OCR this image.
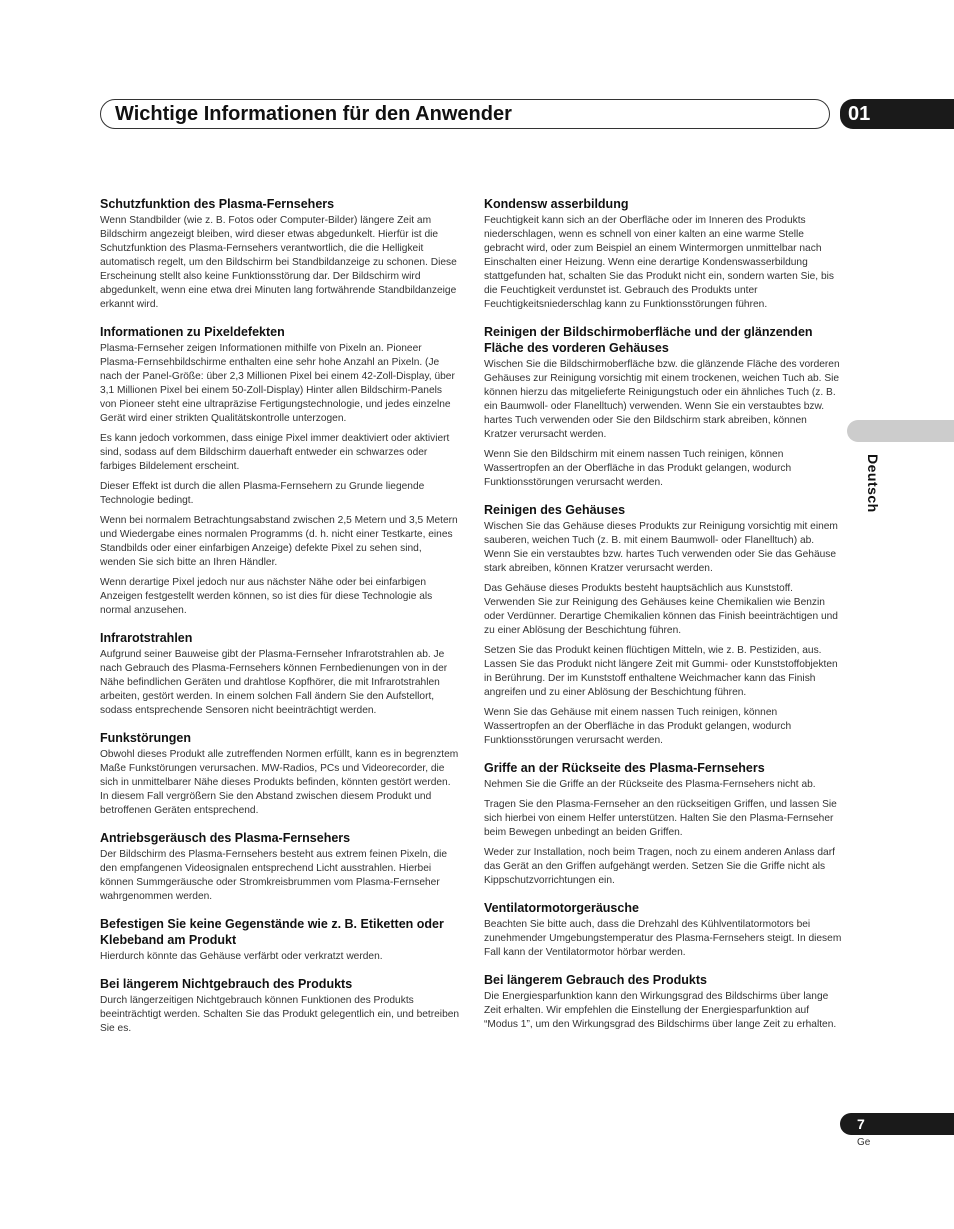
Wichtige Informationen für den Anwender	01
Deutsch
Schutzfunktion des Plasma-Fernsehers

Wenn Standbilder (wie z. B. Fotos oder Computer-Bilder) längere Zeit am Bildschirm angezeigt bleiben, wird dieser etwas abgedunkelt. Hierfür ist die Schutzfunktion des Plasma-Fernsehers verantwortlich, die die Helligkeit automatisch regelt, um den Bildschirm bei Standbildanzeige zu schonen. Diese Erscheinung stellt also keine Funktionsstörung dar. Der Bildschirm wird abgedunkelt, wenn eine etwa drei Minuten lang fortwährende Standbildanzeige erkannt wird.

Informationen zu Pixeldefekten

Plasma-Fernseher zeigen Informationen mithilfe von Pixeln an. Pioneer Plasma-Fernsehbildschirme enthalten eine sehr hohe Anzahl an Pixeln. (Je nach der Panel-Größe: über 2,3 Millionen Pixel bei einem 42-Zoll-Display, über 3,1 Millionen Pixel bei einem 50-Zoll-Display) Hinter allen Bildschirm-Panels von Pioneer steht eine ultrapräzise Fertigungstechnologie, und jedes einzelne Gerät wird einer strikten Qualitätskontrolle unterzogen.

Es kann jedoch vorkommen, dass einige Pixel immer deaktiviert oder aktiviert sind, sodass auf dem Bildschirm dauerhaft entweder ein schwarzes oder farbiges Bildelement erscheint.

Dieser Effekt ist durch die allen Plasma-Fernsehern zu Grunde liegende Technologie bedingt.

Wenn bei normalem Betrachtungsabstand zwischen 2,5 Metern und 3,5 Metern und Wiedergabe eines normalen Programms (d. h. nicht einer Testkarte, eines Standbilds oder einer einfarbigen Anzeige) defekte Pixel zu sehen sind, wenden Sie sich bitte an Ihren Händler.

Wenn derartige Pixel jedoch nur aus nächster Nähe oder bei einfarbigen Anzeigen festgestellt werden können, so ist dies für diese Technologie als normal anzusehen.

Infrarotstrahlen

Aufgrund seiner Bauweise gibt der Plasma-Fernseher Infrarotstrahlen ab. Je nach Gebrauch des Plasma-Fernsehers können Fernbedienungen von in der Nähe befindlichen Geräten und drahtlose Kopfhörer, die mit Infrarotstrahlen arbeiten, gestört werden. In einem solchen Fall ändern Sie den Aufstellort, sodass entsprechende Sensoren nicht beeinträchtigt werden.

Funkstörungen

Obwohl dieses Produkt alle zutreffenden Normen erfüllt, kann es in begrenztem Maße Funkstörungen verursachen. MW-Radios, PCs und Videorecorder, die sich in unmittelbarer Nähe dieses Produkts befinden, könnten gestört werden. In diesem Fall vergrößern Sie den Abstand zwischen diesem Produkt und betroffenen Geräten entsprechend.

Antriebsgeräusch des Plasma-Fernsehers

Der Bildschirm des Plasma-Fernsehers besteht aus extrem feinen Pixeln, die den empfangenen Videosignalen entsprechend Licht ausstrahlen. Hierbei können Summgeräusche oder Stromkreisbrummen vom Plasma-Fernseher wahrgenommen werden.

Befestigen Sie keine Gegenstände wie z. B. Etiketten oder Klebeband am Produkt

Hierdurch könnte das Gehäuse verfärbt oder verkratzt werden.

Bei längerem Nichtgebrauch des Produkts

Durch längerzeitigen Nichtgebrauch können Funktionen des Produkts beeinträchtigt werden. Schalten Sie das Produkt gelegentlich ein, und betreiben Sie es.

Kondensw asserbildung

Feuchtigkeit kann sich an der Oberfläche oder im Inneren des Produkts niederschlagen, wenn es schnell von einer kalten an eine warme Stelle gebracht wird, oder zum Beispiel an einem Wintermorgen unmittelbar nach Einschalten einer Heizung. Wenn eine derartige Kondenswasserbildung stattgefunden hat, schalten Sie das Produkt nicht ein, sondern warten Sie, bis die Feuchtigkeit verdunstet ist. Gebrauch des Produkts unter Feuchtigkeitsniederschlag kann zu Funktionsstörungen führen.

Reinigen der Bildschirmoberfläche und der glänzenden Fläche des vorderen Gehäuses

Wischen Sie die Bildschirmoberfläche bzw. die glänzende Fläche des vorderen Gehäuses zur Reinigung vorsichtig mit einem trockenen, weichen Tuch ab. Sie können hierzu das mitgelieferte Reinigungstuch oder ein ähnliches Tuch (z. B. ein Baumwoll- oder Flanelltuch) verwenden. Wenn Sie ein verstaubtes bzw. hartes Tuch verwenden oder Sie den Bildschirm stark abreiben, können Kratzer verursacht werden.

Wenn Sie den Bildschirm mit einem nassen Tuch reinigen, können Wassertropfen an der Oberfläche in das Produkt gelangen, wodurch Funktionsstörungen verursacht werden.

Reinigen des Gehäuses

Wischen Sie das Gehäuse dieses Produkts zur Reinigung vorsichtig mit einem sauberen, weichen Tuch (z. B. mit einem Baumwoll- oder Flanelltuch) ab. Wenn Sie ein verstaubtes bzw. hartes Tuch verwenden oder Sie das Gehäuse stark abreiben, können Kratzer verursacht werden.

Das Gehäuse dieses Produkts besteht hauptsächlich aus Kunststoff. Verwenden Sie zur Reinigung des Gehäuses keine Chemikalien wie Benzin oder Verdünner. Derartige Chemikalien können das Finish beeinträchtigen und zu einer Ablösung der Beschichtung führen.

Setzen Sie das Produkt keinen flüchtigen Mitteln, wie z. B. Pestiziden, aus. Lassen Sie das Produkt nicht längere Zeit mit Gummi- oder Kunststoffobjekten in Berührung. Der im Kunststoff enthaltene Weichmacher kann das Finish angreifen und zu einer Ablösung der Beschichtung führen.

Wenn Sie das Gehäuse mit einem nassen Tuch reinigen, können Wassertropfen an der Oberfläche in das Produkt gelangen, wodurch Funktionsstörungen verursacht werden.

Griffe an der Rückseite des Plasma-Fernsehers

Nehmen Sie die Griffe an der Rückseite des Plasma-Fernsehers nicht ab.

Tragen Sie den Plasma-Fernseher an den rückseitigen Griffen, und lassen Sie sich hierbei von einem Helfer unterstützen. Halten Sie den Plasma-Fernseher beim Bewegen unbedingt an beiden Griffen.

Weder zur Installation, noch beim Tragen, noch zu einem anderen Anlass darf das Gerät an den Griffen aufgehängt werden. Setzen Sie die Griffe nicht als Kippschutzvorrichtungen ein.

Ventilatormotorgeräusche

Beachten Sie bitte auch, dass die Drehzahl des Kühlventilatormotors bei zunehmender Umgebungstemperatur des Plasma-Fernsehers steigt. In diesem Fall kann der Ventilatormotor hörbar werden.

Bei längerem Gebrauch des Produkts

Die Energiesparfunktion kann den Wirkungsgrad des Bildschirms über lange Zeit erhalten. Wir empfehlen die Einstellung der Energiesparfunktion auf “Modus 1”, um den Wirkungsgrad des Bildschirms über lange Zeit zu erhalten.

7
Ge
